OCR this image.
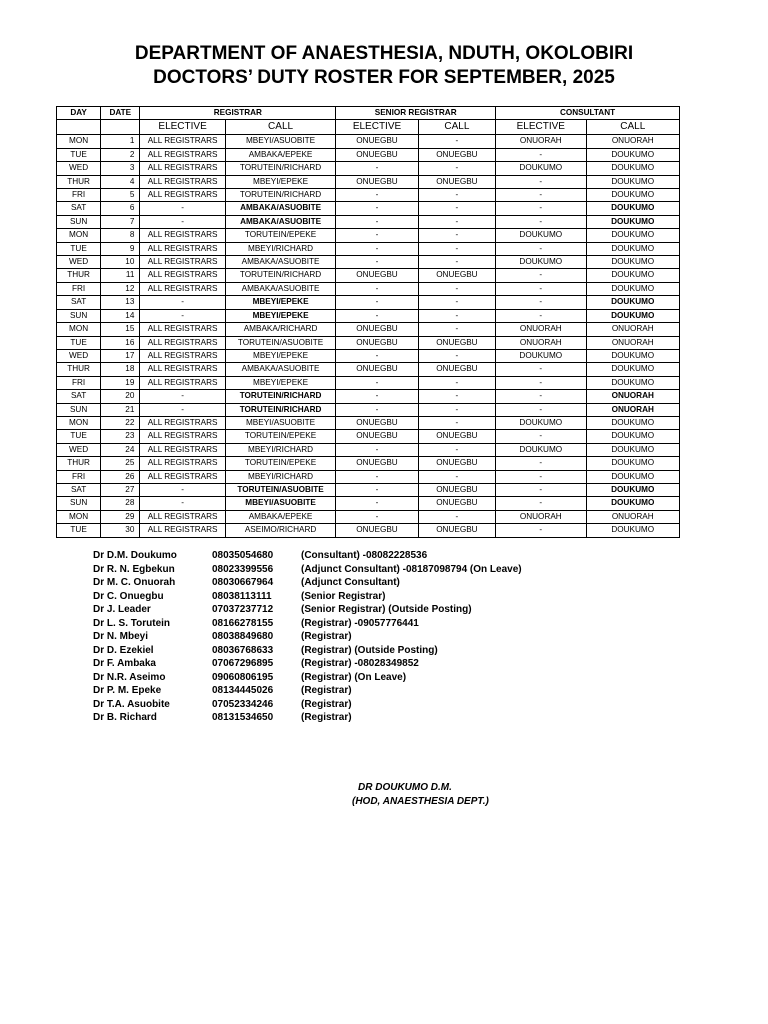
DEPARTMENT OF ANAESTHESIA, NDUTH, OKOLOBIRI
DOCTORS’ DUTY ROSTER FOR SEPTEMBER, 2025
DAY	DATE	REGISTRAR		SENIOR REGISTRAR		CONSULTANT	
		ELECTIVE	CALL	ELECTIVE	CALL	ELECTIVE	CALL
MON	1	ALL REGISTRARS	MBEYI/ASUOBITE	ONUEGBU	-	ONUORAH	ONUORAH
TUE	2	ALL REGISTRARS	AMBAKA/EPEKE	ONUEGBU	ONUEGBU	-	DOUKUMO
WED	3	ALL REGISTRARS	TORUTEIN/RICHARD	-	-	DOUKUMO	DOUKUMO
THUR	4	ALL REGISTRARS	MBEYI/EPEKE	ONUEGBU	ONUEGBU	-	DOUKUMO
FRI	5	ALL REGISTRARS	TORUTEIN/RICHARD	-	-	-	DOUKUMO
SAT	6	-	AMBAKA/ASUOBITE	-	-	-	DOUKUMO
SUN	7	-	AMBAKA/ASUOBITE	-	-	-	DOUKUMO
MON	8	ALL REGISTRARS	TORUTEIN/EPEKE	-	-	DOUKUMO	DOUKUMO
TUE	9	ALL REGISTRARS	MBEYI/RICHARD	-	-	-	DOUKUMO
WED	10	ALL REGISTRARS	AMBAKA/ASUOBITE	-	-	DOUKUMO	DOUKUMO
THUR	11	ALL REGISTRARS	TORUTEIN/RICHARD	ONUEGBU	ONUEGBU	-	DOUKUMO
FRI	12	ALL REGISTRARS	AMBAKA/ASUOBITE	-	-	-	DOUKUMO
SAT	13	-	MBEYI/EPEKE	-	-	-	DOUKUMO
SUN	14	-	MBEYI/EPEKE	-	-	-	DOUKUMO
MON	15	ALL REGISTRARS	AMBAKA/RICHARD	ONUEGBU	-	ONUORAH	ONUORAH
TUE	16	ALL REGISTRARS	TORUTEIN/ASUOBITE	ONUEGBU	ONUEGBU	ONUORAH	ONUORAH
WED	17	ALL REGISTRARS	MBEYI/EPEKE	-	-	DOUKUMO	DOUKUMO
THUR	18	ALL REGISTRARS	AMBAKA/ASUOBITE	ONUEGBU	ONUEGBU	-	DOUKUMO
FRI	19	ALL REGISTRARS	MBEYI/EPEKE	-	-	-	DOUKUMO
SAT	20	-	TORUTEIN/RICHARD	-	-	-	ONUORAH
SUN	21	-	TORUTEIN/RICHARD	-	-	-	ONUORAH
MON	22	ALL REGISTRARS	MBEYI/ASUOBITE	ONUEGBU	-	DOUKUMO	DOUKUMO
TUE	23	ALL REGISTRARS	TORUTEIN/EPEKE	ONUEGBU	ONUEGBU	-	DOUKUMO
WED	24	ALL REGISTRARS	MBEYI/RICHARD	-	-	DOUKUMO	DOUKUMO
THUR	25	ALL REGISTRARS	TORUTEIN/EPEKE	ONUEGBU	ONUEGBU	-	DOUKUMO
FRI	26	ALL REGISTRARS	MBEYI/RICHARD	-	-	-	DOUKUMO
SAT	27	-	TORUTEIN/ASUOBITE	-	ONUEGBU	-	DOUKUMO
SUN	28	-	MBEYI/ASUOBITE	-	ONUEGBU	-	DOUKUMO
MON	29	ALL REGISTRARS	AMBAKA/EPEKE	-	-	ONUORAH	ONUORAH
TUE	30	ALL REGISTRARS	ASEIMO/RICHARD	ONUEGBU	ONUEGBU	-	DOUKUMO
Dr D.M. Doukumo	08035054680	(Consultant) -08082228536
Dr R. N. Egbekun	08023399556	(Adjunct Consultant) -08187098794 (On Leave)
Dr M. C. Onuorah	08030667964	(Adjunct Consultant)
Dr C. Onuegbu	08038113111	(Senior Registrar)
Dr J. Leader	07037237712	(Senior Registrar) (Outside Posting)
Dr L. S. Torutein	08166278155	(Registrar) -09057776441
Dr N. Mbeyi	08038849680	(Registrar)
Dr D. Ezekiel	08036768633	(Registrar) (Outside Posting)
Dr F. Ambaka	07067296895	(Registrar) -08028349852
Dr N.R. Aseimo	09060806195	(Registrar) (On Leave)
Dr P. M. Epeke	08134445026	(Registrar)
Dr T.A. Asuobite	07052334246	(Registrar)
Dr B. Richard	08131534650	(Registrar)
DR DOUKUMO D.M.
(HOD, ANAESTHESIA DEPT.)
